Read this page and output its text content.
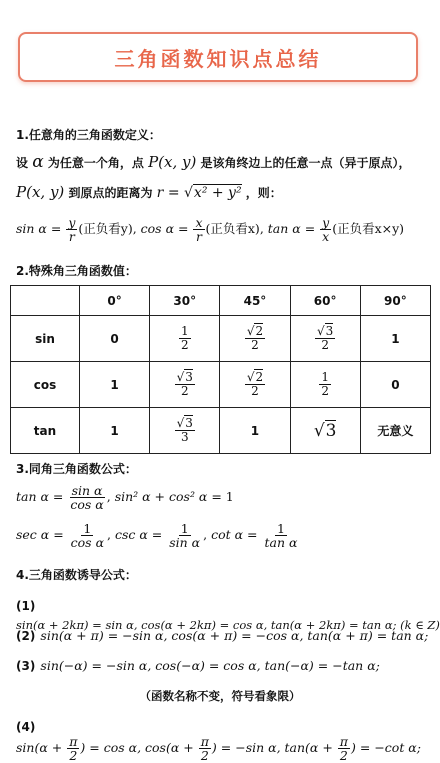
三角函数知识点总结
1.任意角的三角函数定义：
设 α 为任意一个角，点 P(x, y) 是该角终边上的任意一点（异于原点），
P(x, y) 到原点的距离为 r = √x² + y² ，则：
$\sin \alpha = \frac{y}{r}$ (正负看y), $\cos \alpha = \frac{x}{r}$ (正负看x), $\tan \alpha = \frac{y}{x}$ (正负看x×y)
2.特殊角三角函数值：
	0°	30°	45°	60°	90°
sin	0	$\frac{1}{2}$	$\frac{√2}{2}$	$\frac{√3}{2}$	1
cos	1	$\frac{√3}{2}$	$\frac{√2}{2}$	$\frac{1}{2}$	0
tan	1	$\frac{√3}{3}$	1	√3	无意义
3.同角三角函数公式：
$\tan \alpha = \frac{\text{sin α}}{\text{cos α}}$ , sin² α + cos² α = 1
$\sec \alpha = \frac{1}{\text{cos α}}$ , $\csc \alpha = \frac{1}{\text{sin α}}$ , $\cot \alpha = \frac{1}{\text{tan α}}$
4.三角函数诱导公式：
(1) sin(α + 2kπ) = sin α, cos(α + 2kπ) = cos α, tan(α + 2kπ) = tan α; (k ∈ Z)
(2) sin(α + π) = −sin α, cos(α + π) = −cos α, tan(α + π) = tan α;
(3) sin(−α) = −sin α, cos(−α) = cos α, tan(−α) = −tan α;
（函数名称不变，符号看象限）
(4) $\sin(\alpha + \frac{\pi}{2}$ ) = cos α, $\cos(\alpha + \frac{\pi}{2}$ ) = −sin α, $\tan(\alpha + \frac{\pi}{2}$ ) = −cot α;
